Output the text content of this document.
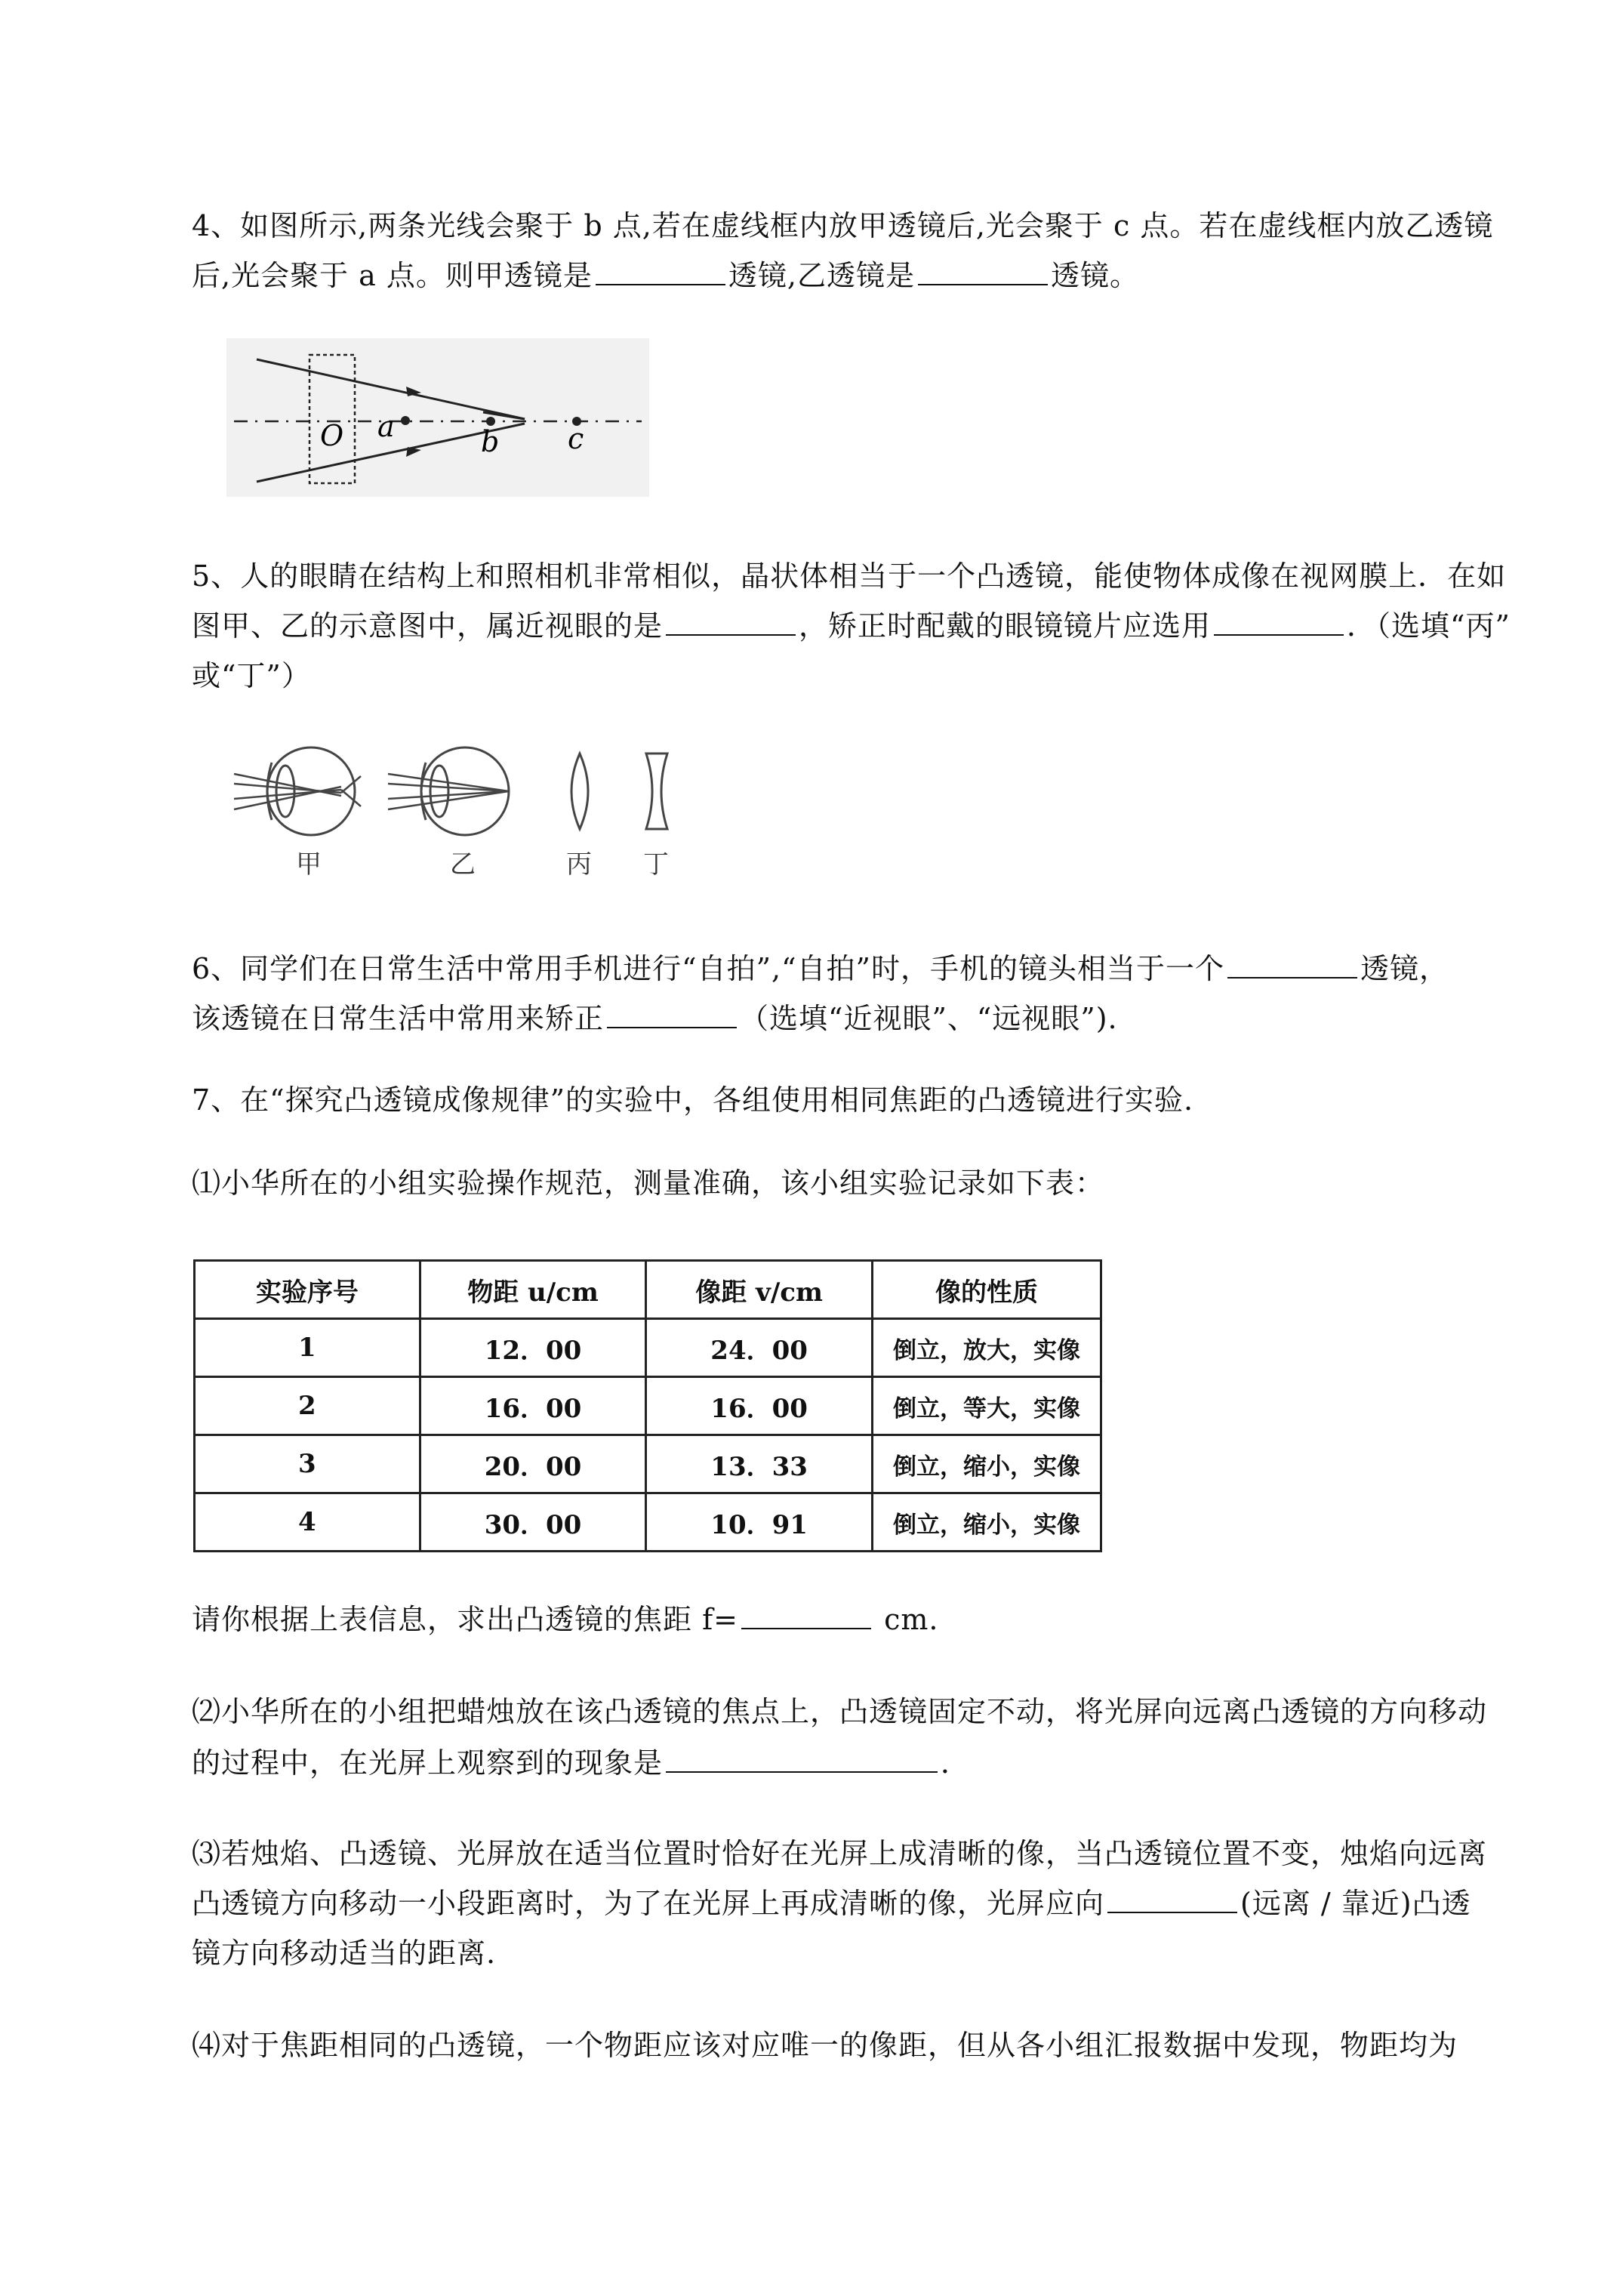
4、如图所示,两条光线会聚于 b 点,若在虚线框内放甲透镜后,光会聚于 c 点。若在虚线框内放乙透镜
后,光会聚于 a 点。则甲透镜是	透镜,乙透镜是	透镜。
O a	b c
5、人的眼睛在结构上和照相机非常相似，晶状体相当于一个凸透镜，能使物体成像在视网膜上．在如
图甲、乙的示意图中，属近视眼的是	，矫正时配戴的眼镜镜片应选用	．（选填“丙”
或“丁”）
甲	乙	丙 丁
6、同学们在日常生活中常用手机进行“自拍”,“自拍”时，手机的镜头相当于一个	透镜，
该透镜在日常生活中常用来矫正	（选填“近视眼”、“远视眼”).
7、在“探究凸透镜成像规律”的实验中，各组使用相同焦距的凸透镜进行实验.
⑴小华所在的小组实验操作规范，测量准确，该小组实验记录如下表：
实验序号	物距 u/cm	像距 v/cm	像的性质
1	12．00	24．00	倒立，放大，实像
2	16．00	16．00	倒立，等大，实像
3	20．00	13．33	倒立，缩小，实像
4	30．00	10．91	倒立，缩小，实像
请你根据上表信息，求出凸透镜的焦距 f=	cm.
⑵小华所在的小组把蜡烛放在该凸透镜的焦点上，凸透镜固定不动，将光屏向远离凸透镜的方向移动
的过程中，在光屏上观察到的现象是	．
⑶若烛焰、凸透镜、光屏放在适当位置时恰好在光屏上成清晰的像，当凸透镜位置不变，烛焰向远离
凸透镜方向移动一小段距离时，为了在光屏上再成清晰的像，光屏应向	(远离 / 靠近)凸透
镜方向移动适当的距离.
⑷对于焦距相同的凸透镜，一个物距应该对应唯一的像距，但从各小组汇报数据中发现，物距均为
